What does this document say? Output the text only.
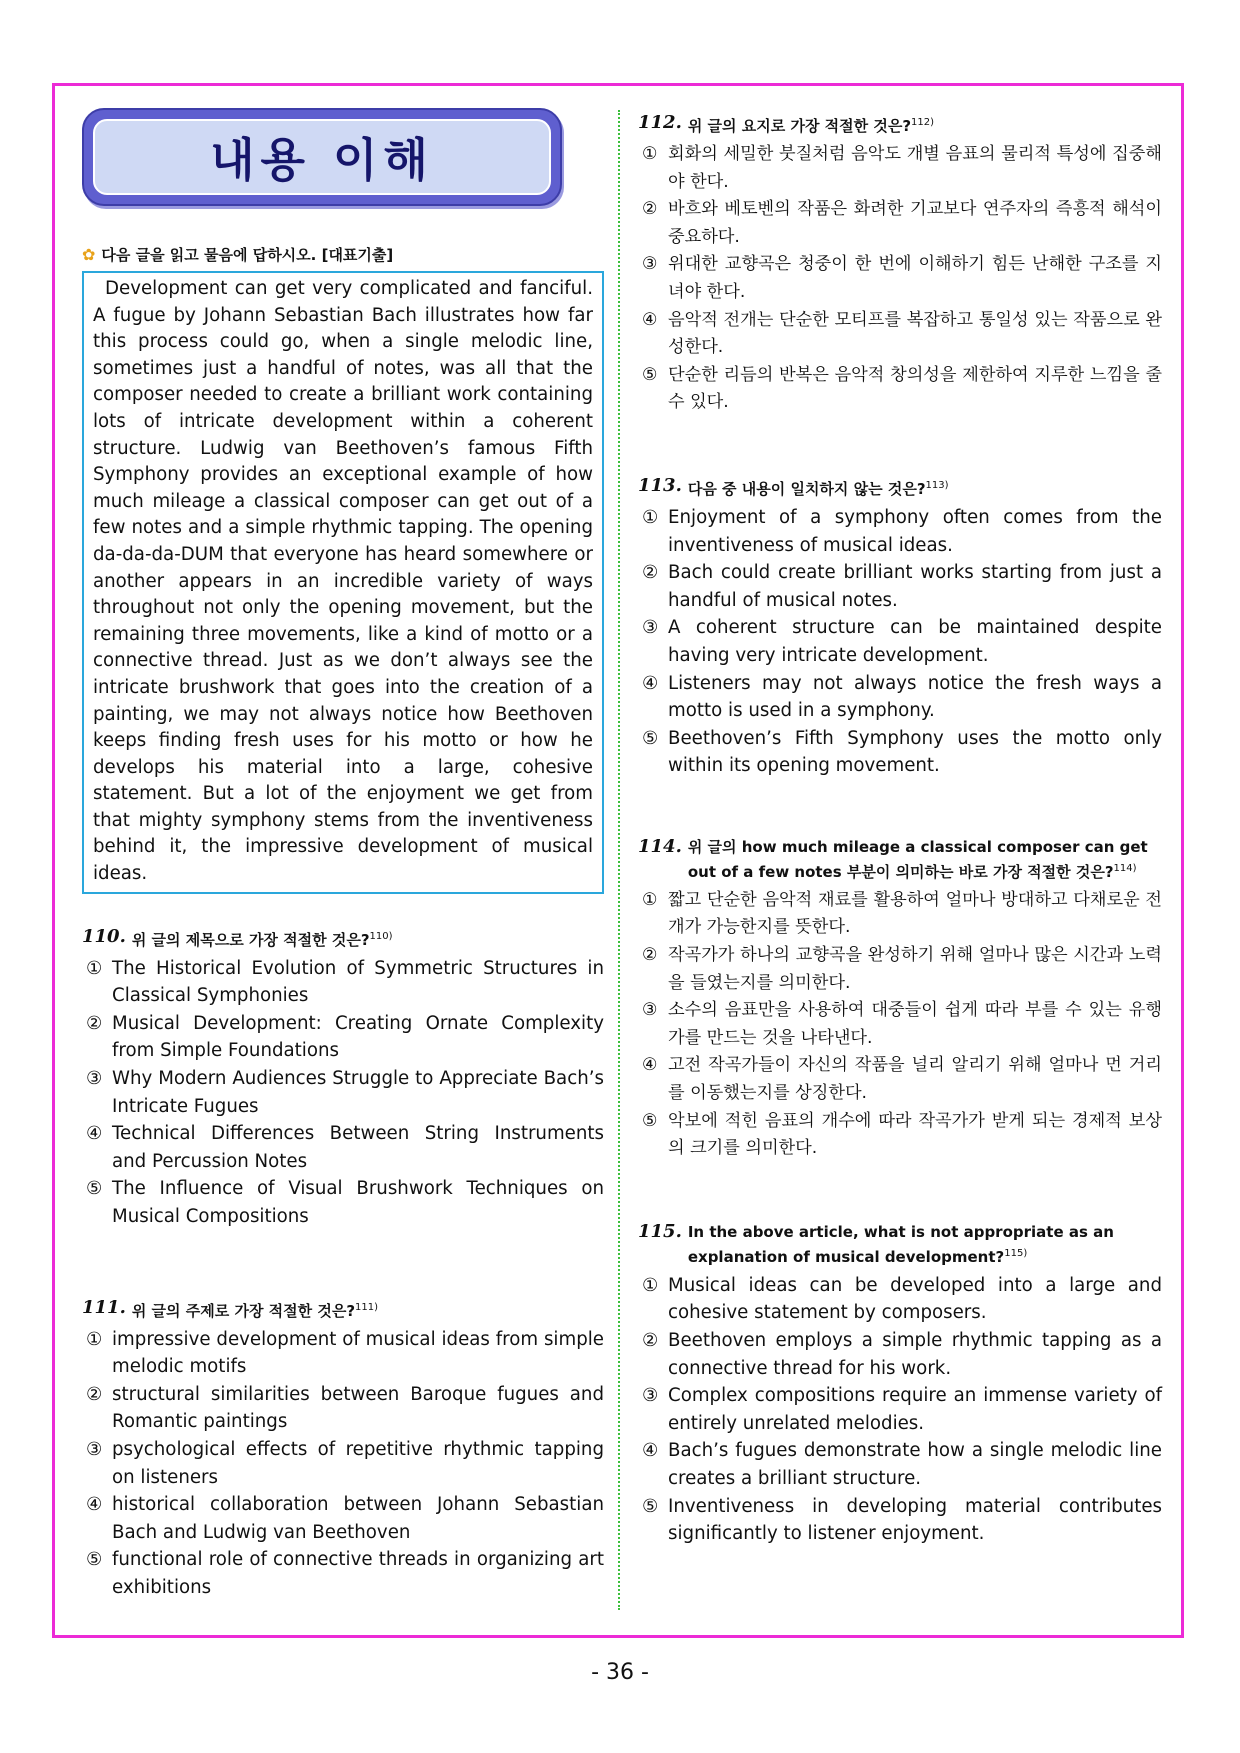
내용 이해
✿ 다음 글을 읽고 물음에 답하시오. [대표기출]
Development can get very complicated and fanciful. A fugue by Johann Sebastian Bach illustrates how far this process could go, when a single melodic line, sometimes just a handful of notes, was all that the composer needed to create a brilliant work containing lots of intricate development within a coherent structure. Ludwig van Beethoven’s famous Fifth Symphony provides an exceptional example of how much mileage a classical composer can get out of a few notes and a simple rhythmic tapping. The opening da-da-da-DUM that everyone has heard somewhere or another appears in an incredible variety of ways throughout not only the opening movement, but the remaining three movements, like a kind of motto or a connective thread. Just as we don’t always see the intricate brushwork that goes into the creation of a painting, we may not always notice how Beethoven keeps finding fresh uses for his motto or how he develops his material into a large, cohesive statement. But a lot of the enjoyment we get from that mighty symphony stems from the inventiveness behind it, the impressive development of musical ideas.
110. 위 글의 제목으로 가장 적절한 것은?$^{110)}$
① The Historical Evolution of Symmetric Structures in Classical Symphonies
② Musical Development: Creating Ornate Complexity from Simple Foundations
③ Why Modern Audiences Struggle to Appreciate Bach’s Intricate Fugues
④ Technical Differences Between String Instruments and Percussion Notes
⑤ The Influence of Visual Brushwork Techniques on Musical Compositions
111. 위 글의 주제로 가장 적절한 것은?$^{111)}$
① impressive development of musical ideas from simple melodic motifs
② structural similarities between Baroque fugues and Romantic paintings
③ psychological effects of repetitive rhythmic tapping on listeners
④ historical collaboration between Johann Sebastian Bach and Ludwig van Beethoven
⑤ functional role of connective threads in organizing art exhibitions
112. 위 글의 요지로 가장 적절한 것은?$^{112)}$
① 회화의 세밀한 붓질처럼 음악도 개별 음표의 물리적 특성에 집중해야 한다.
② 바흐와 베토벤의 작품은 화려한 기교보다 연주자의 즉흥적 해석이 중요하다.
③ 위대한 교향곡은 청중이 한 번에 이해하기 힘든 난해한 구조를 지녀야 한다.
④ 음악적 전개는 단순한 모티프를 복잡하고 통일성 있는 작품으로 완성한다.
⑤ 단순한 리듬의 반복은 음악적 창의성을 제한하여 지루한 느낌을 줄 수 있다.
113. 다음 중 내용이 일치하지 않는 것은?$^{113)}$
① Enjoyment of a symphony often comes from the inventiveness of musical ideas.
② Bach could create brilliant works starting from just a handful of musical notes.
③ A coherent structure can be maintained despite having very intricate development.
④ Listeners may not always notice the fresh ways a motto is used in a symphony.
⑤ Beethoven’s Fifth Symphony uses the motto only within its opening movement.
114. 위 글의 how much mileage a classical composer can get out of a few notes 부분이 의미하는 바로 가장 적절한 것은?$^{114)}$
① 짧고 단순한 음악적 재료를 활용하여 얼마나 방대하고 다채로운 전개가 가능한지를 뜻한다.
② 작곡가가 하나의 교향곡을 완성하기 위해 얼마나 많은 시간과 노력을 들였는지를 의미한다.
③ 소수의 음표만을 사용하여 대중들이 쉽게 따라 부를 수 있는 유행가를 만드는 것을 나타낸다.
④ 고전 작곡가들이 자신의 작품을 널리 알리기 위해 얼마나 먼 거리를 이동했는지를 상징한다.
⑤ 악보에 적힌 음표의 개수에 따라 작곡가가 받게 되는 경제적 보상의 크기를 의미한다.
115. In the above article, what is not appropriate as an explanation of musical development?$^{115)}$
① Musical ideas can be developed into a large and cohesive statement by composers.
② Beethoven employs a simple rhythmic tapping as a connective thread for his work.
③ Complex compositions require an immense variety of entirely unrelated melodies.
④ Bach’s fugues demonstrate how a single melodic line creates a brilliant structure.
⑤ Inventiveness in developing material contributes significantly to listener enjoyment.
- 36 -
